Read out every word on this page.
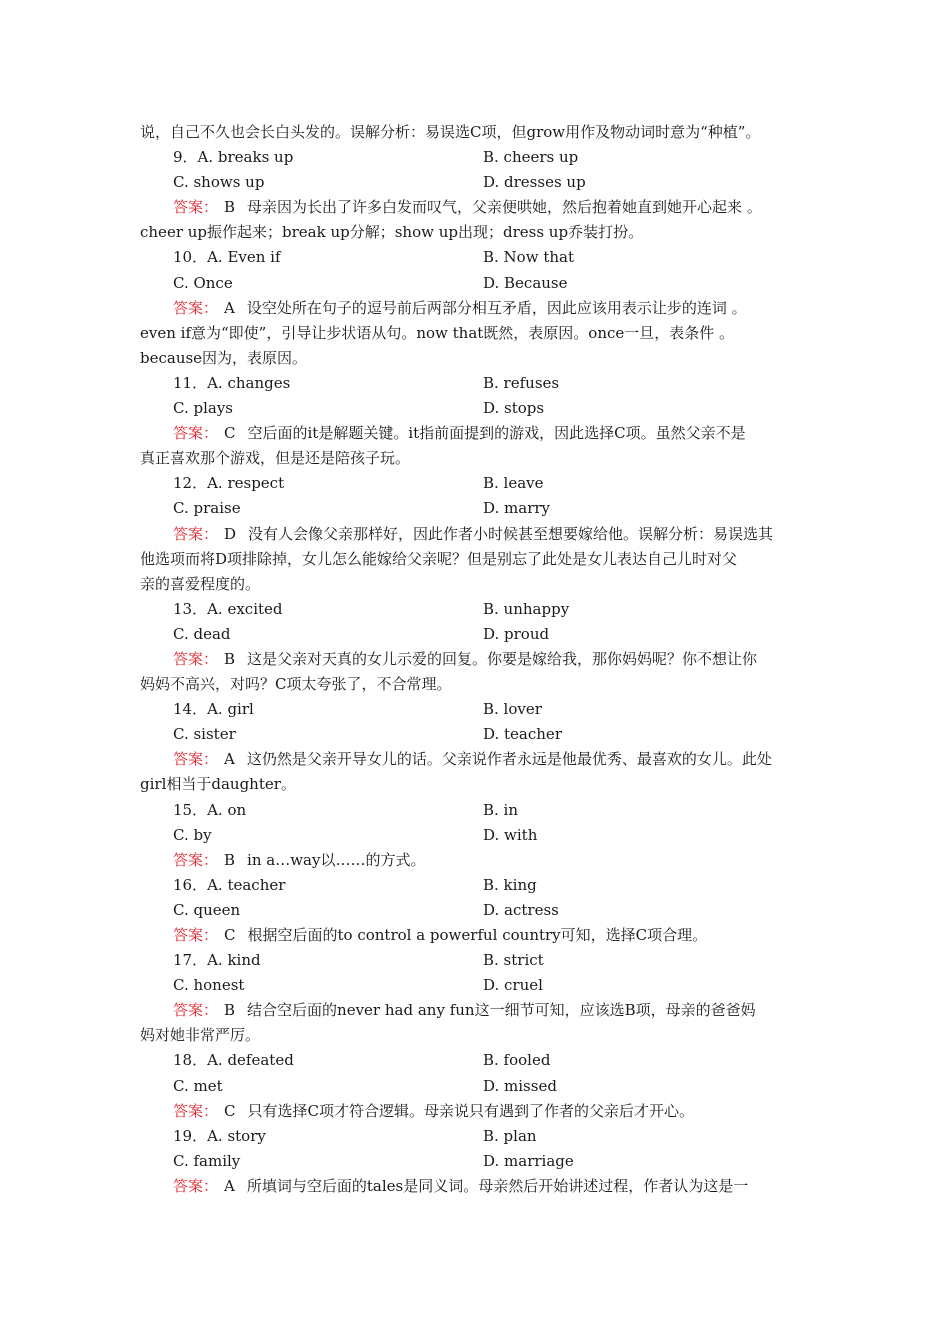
说，自己不久也会长白头发的。误解分析：易误选C项，但grow用作及物动词时意为“种植”。
9．A. breaks up	B. cheers up
C. shows up	D. dresses up
答案： B 母亲因为长出了许多白发而叹气，父亲便哄她，然后抱着她直到她开心起来 。
cheer up振作起来；break up分解；show up出现；dress up乔装打扮。
10．A. Even if	B. Now that
C. Once	D. Because
答案： A 设空处所在句子的逗号前后两部分相互矛盾，因此应该用表示让步的连词 。
even if意为“即使”，引导让步状语从句。now that既然，表原因。once一旦，表条件 。
because因为，表原因。
11．A. changes	B. refuses
C. plays	D. stops
答案： C 空后面的it是解题关键。it指前面提到的游戏，因此选择C项。虽然父亲不是
真正喜欢那个游戏，但是还是陪孩子玩。
12．A. respect	B. leave
C. praise	D. marry
答案： D 没有人会像父亲那样好，因此作者小时候甚至想要嫁给他。误解分析：易误选其
他选项而将D项排除掉，女儿怎么能嫁给父亲呢？但是别忘了此处是女儿表达自己儿时对父
亲的喜爱程度的。
13．A. excited	B. unhappy
C. dead	D. proud
答案： B 这是父亲对天真的女儿示爱的回复。你要是嫁给我，那你妈妈呢？你不想让你
妈妈不高兴，对吗？C项太夸张了，不合常理。
14．A. girl	B. lover
C. sister	D. teacher
答案： A 这仍然是父亲开导女儿的话。父亲说作者永远是他最优秀、最喜欢的女儿。此处
girl相当于daughter。
15．A. on	B. in
C. by	D. with
答案： B in a…way以……的方式。
16．A. teacher	B. king
C. queen	D. actress
答案： C 根据空后面的to control a powerful country可知，选择C项合理。
17．A. kind	B. strict
C. honest	D. cruel
答案： B 结合空后面的never had any fun这一细节可知，应该选B项，母亲的爸爸妈
妈对她非常严厉。
18．A. defeated	B. fooled
C. met	D. missed
答案： C 只有选择C项才符合逻辑。母亲说只有遇到了作者的父亲后才开心。
19．A. story	B. plan
C. family	D. marriage
答案： A 所填词与空后面的tales是同义词。母亲然后开始讲述过程，作者认为这是一
